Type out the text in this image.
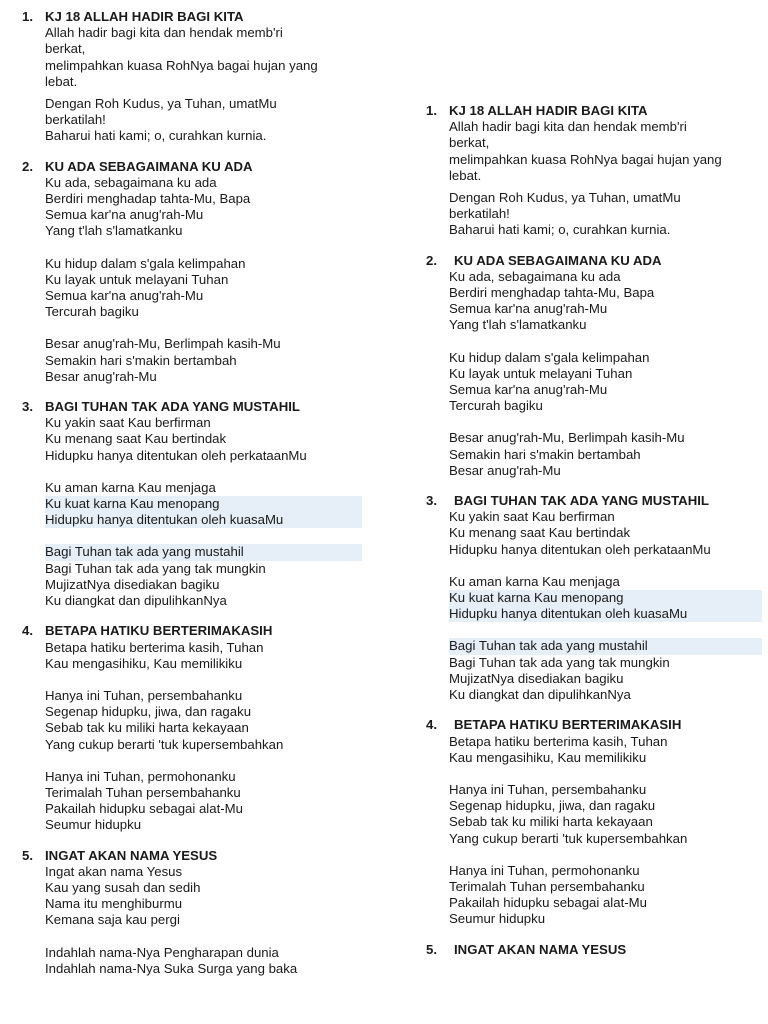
1. KJ 18 ALLAH HADIR BAGI KITA
Allah hadir bagi kita dan hendak memb'ri
berkat,
melimpahkan kuasa RohNya bagai hujan yang
lebat.
Dengan Roh Kudus, ya Tuhan, umatMu
berkatilah!
Baharui hati kami; o, curahkan kurnia.
2. KU ADA SEBAGAIMANA KU ADA
Ku ada, sebagaimana ku ada
Berdiri menghadap tahta-Mu, Bapa
Semua kar'na anug'rah-Mu
Yang t'lah s'lamatkanku
Ku hidup dalam s'gala kelimpahan
Ku layak untuk melayani Tuhan
Semua kar'na anug'rah-Mu
Tercurah bagiku
Besar anug'rah-Mu, Berlimpah kasih-Mu
Semakin hari s'makin bertambah
Besar anug'rah-Mu
3. BAGI TUHAN TAK ADA YANG MUSTAHIL
Ku yakin saat Kau berfirman
Ku menang saat Kau bertindak
Hidupku hanya ditentukan oleh perkataanMu
Ku aman karna Kau menjaga
Ku kuat karna Kau menopang
Hidupku hanya ditentukan oleh kuasaMu
Bagi Tuhan tak ada yang mustahil
Bagi Tuhan tak ada yang tak mungkin
MujizatNya disediakan bagiku
Ku diangkat dan dipulihkanNya
4. BETAPA HATIKU BERTERIMAKASIH
Betapa hatiku berterima kasih, Tuhan
Kau mengasihiku, Kau memilikiku
Hanya ini Tuhan, persembahanku
Segenap hidupku, jiwa, dan ragaku
Sebab tak ku miliki harta kekayaan
Yang cukup berarti 'tuk kupersembahkan
Hanya ini Tuhan, permohonanku
Terimalah Tuhan persembahanku
Pakailah hidupku sebagai alat-Mu
Seumur hidupku
5. INGAT AKAN NAMA YESUS
Ingat akan nama Yesus
Kau yang susah dan sedih
Nama itu menghiburmu
Kemana saja kau pergi
Indahlah nama-Nya Pengharapan dunia
Indahlah nama-Nya Suka Surga yang baka
1. KJ 18 ALLAH HADIR BAGI KITA
Allah hadir bagi kita dan hendak memb'ri
berkat,
melimpahkan kuasa RohNya bagai hujan yang
lebat.
Dengan Roh Kudus, ya Tuhan, umatMu
berkatilah!
Baharui hati kami; o, curahkan kurnia.
2.	KU ADA SEBAGAIMANA KU ADA
Ku ada, sebagaimana ku ada
Berdiri menghadap tahta-Mu, Bapa
Semua kar'na anug'rah-Mu
Yang t'lah s'lamatkanku
Ku hidup dalam s'gala kelimpahan
Ku layak untuk melayani Tuhan
Semua kar'na anug'rah-Mu
Tercurah bagiku
Besar anug'rah-Mu, Berlimpah kasih-Mu
Semakin hari s'makin bertambah
Besar anug'rah-Mu
3.	BAGI TUHAN TAK ADA YANG MUSTAHIL
Ku yakin saat Kau berfirman
Ku menang saat Kau bertindak
Hidupku hanya ditentukan oleh perkataanMu
Ku aman karna Kau menjaga
Ku kuat karna Kau menopang
Hidupku hanya ditentukan oleh kuasaMu
Bagi Tuhan tak ada yang mustahil
Bagi Tuhan tak ada yang tak mungkin
MujizatNya disediakan bagiku
Ku diangkat dan dipulihkanNya
4.	BETAPA HATIKU BERTERIMAKASIH
Betapa hatiku berterima kasih, Tuhan
Kau mengasihiku, Kau memilikiku
Hanya ini Tuhan, persembahanku
Segenap hidupku, jiwa, dan ragaku
Sebab tak ku miliki harta kekayaan
Yang cukup berarti 'tuk kupersembahkan
Hanya ini Tuhan, permohonanku
Terimalah Tuhan persembahanku
Pakailah hidupku sebagai alat-Mu
Seumur hidupku
5.	INGAT AKAN NAMA YESUS
